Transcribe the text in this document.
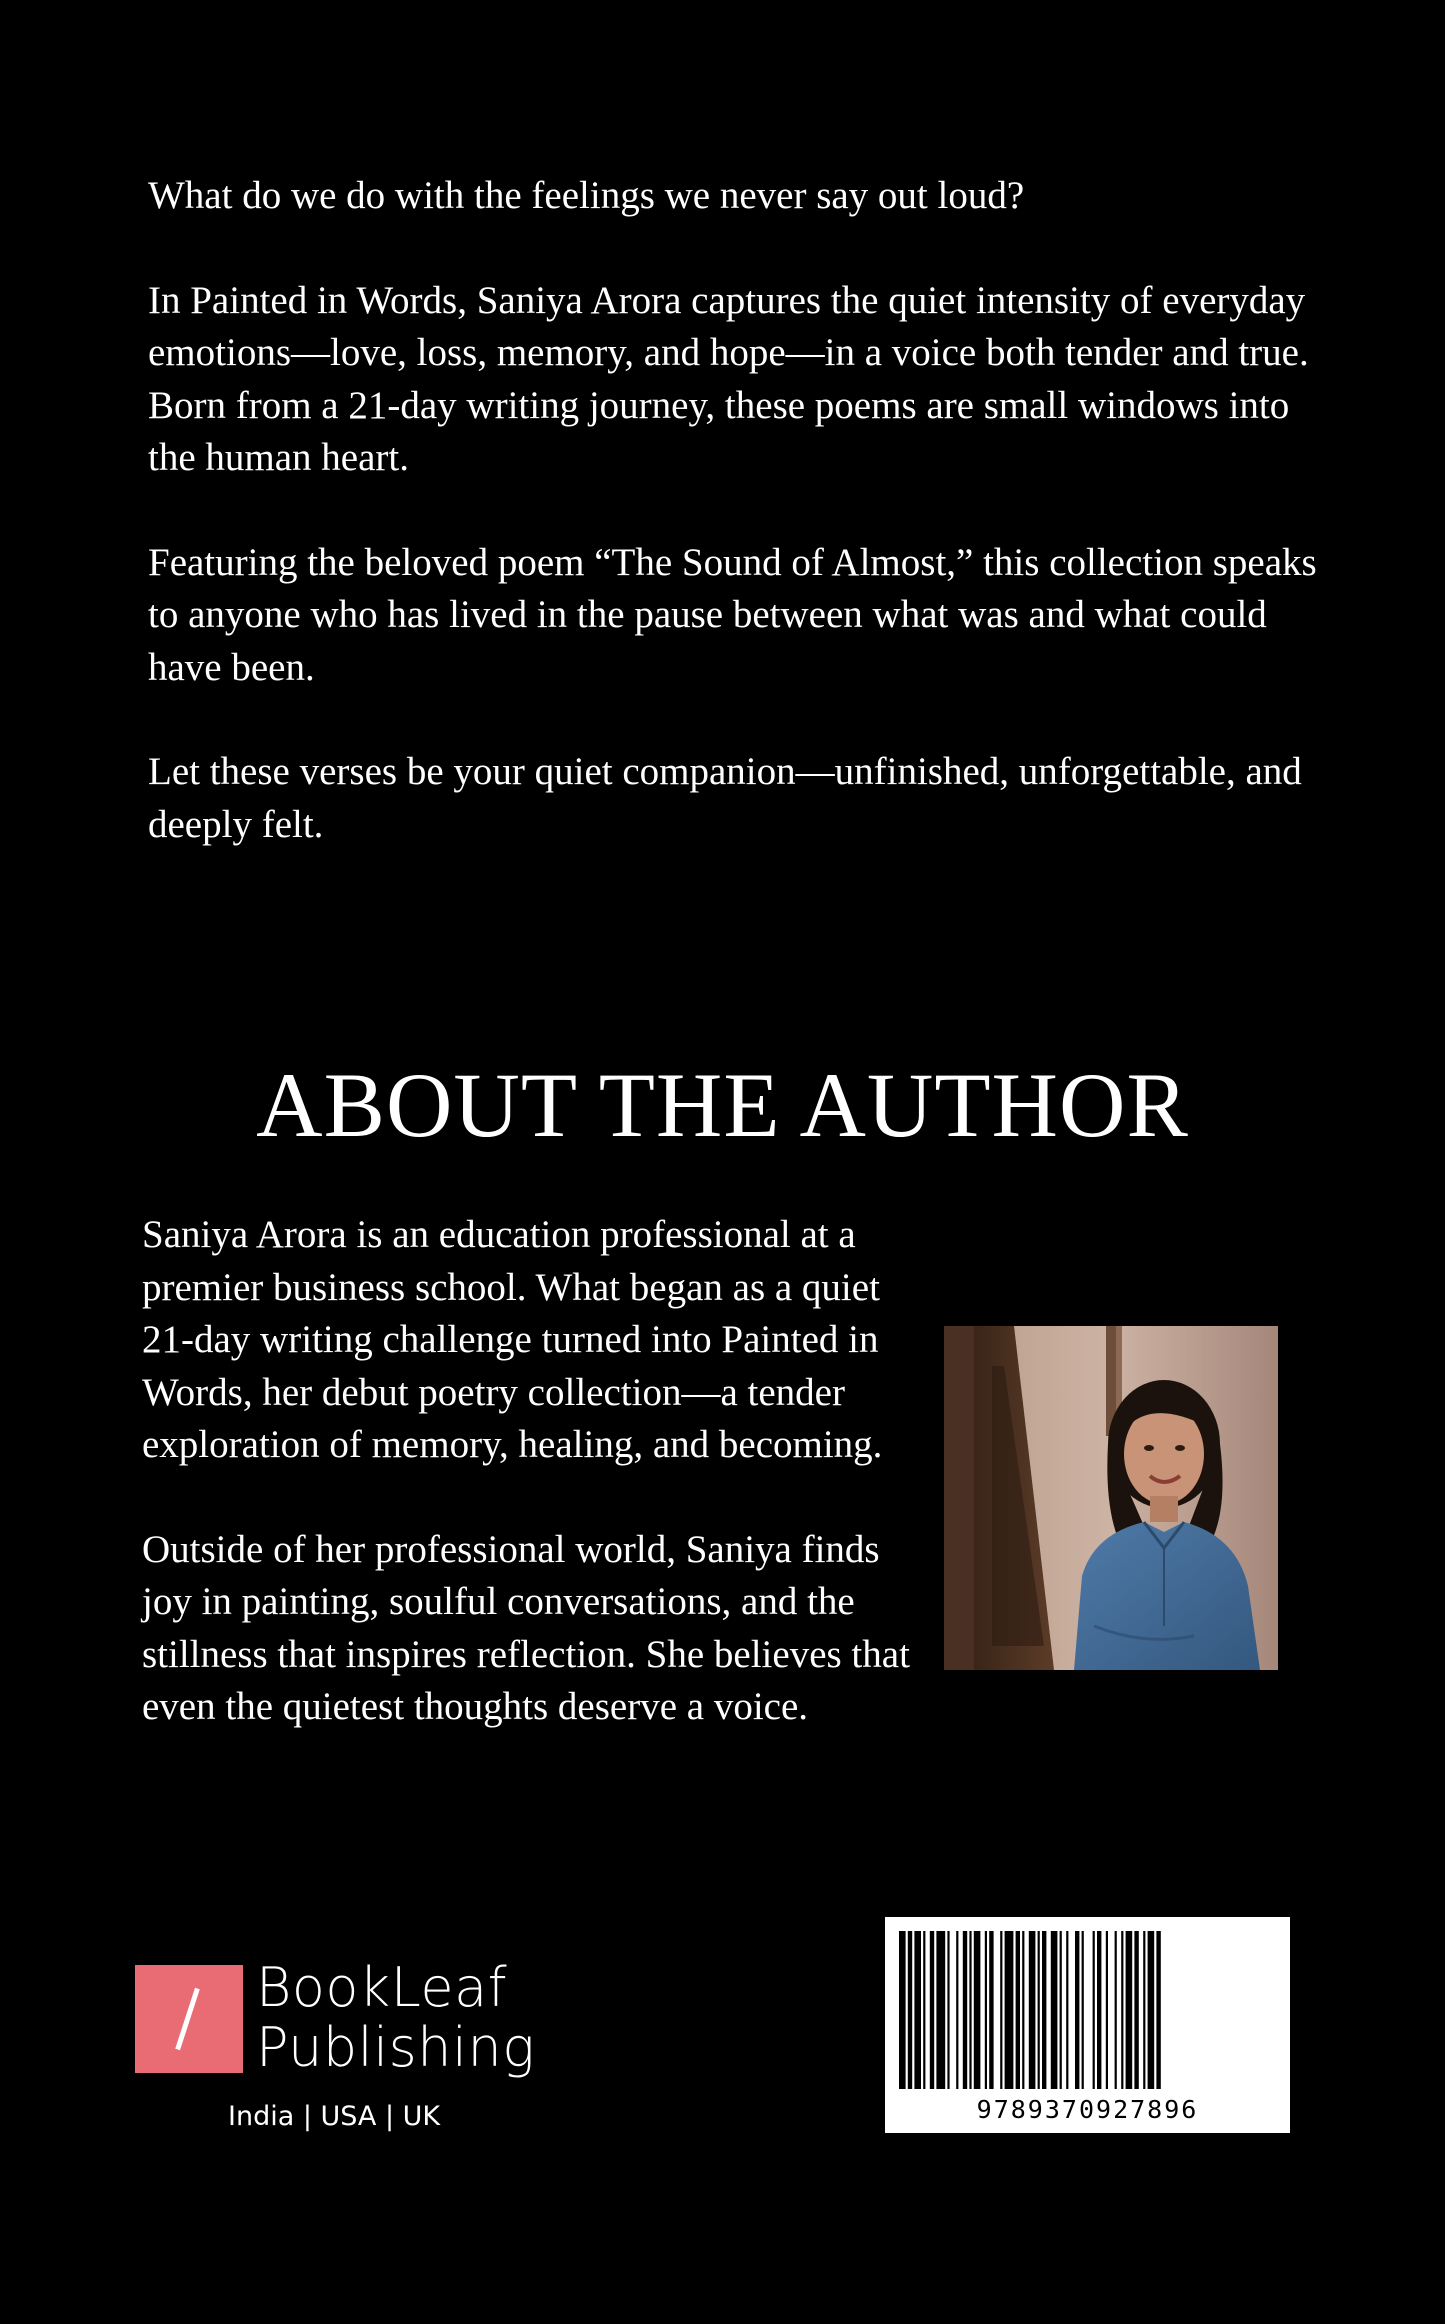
What do we do with the feelings we never say out loud?

In Painted in Words, Saniya Arora captures the quiet intensity of everyday emotions—love, loss, memory, and hope—in a voice both tender and true. Born from a 21-day writing journey, these poems are small windows into the human heart.

Featuring the beloved poem “The Sound of Almost,” this collection speaks to anyone who has lived in the pause between what was and what could have been.

Let these verses be your quiet companion—unfinished, unforgettable, and deeply felt.

ABOUT THE AUTHOR

Saniya Arora is an education professional at a premier business school. What began as a quiet 21-day writing challenge turned into Painted in Words, her debut poetry collection—a tender exploration of memory, healing, and becoming.

Outside of her professional world, Saniya finds joy in painting, soulful conversations, and the stillness that inspires reflection. She believes that even the quietest thoughts deserve a voice.

BookLeaf
Publishing
India | USA | UK	9789370927896
